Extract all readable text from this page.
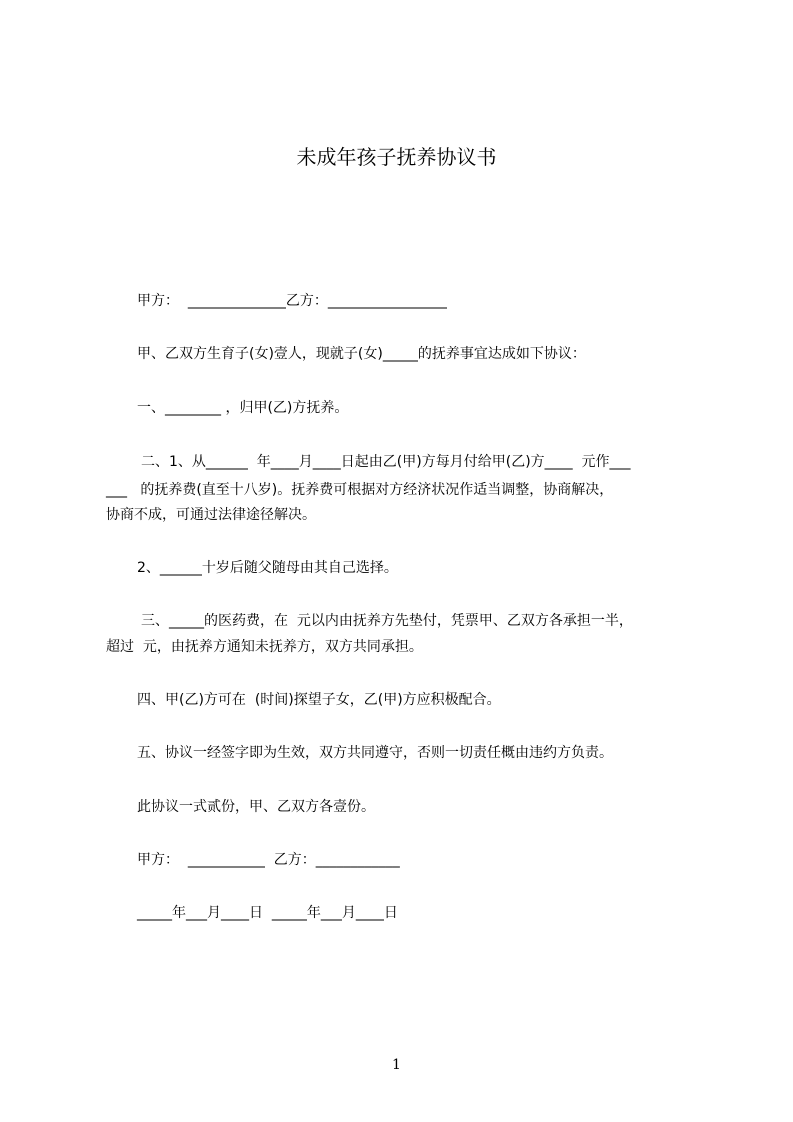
未成年孩子抚养协议书
甲方：  ______________乙方：_________________
甲、乙双方生育子(女)壹人，现就子(女)_____的抚养事宜达成如下协议：
一、________ ，归甲(乙)方抚养。
二、1、从______  年____月____日起由乙(甲)方每月付给甲(乙)方____  元作___
___   的抚养费(直至十八岁)。抚养费可根据对方经济状况作适当调整，协商解决，
协商不成，可通过法律途径解决。
2、______十岁后随父随母由其自己选择。
三、_____的医药费，在  元以内由抚养方先垫付，凭票甲、乙双方各承担一半，
超过  元，由抚养方通知未抚养方，双方共同承担。
四、甲(乙)方可在  (时间)探望子女，乙(甲)方应积极配合。
五、协议一经签字即为生效，双方共同遵守，否则一切责任概由违约方负责。
此协议一式贰份，甲、乙双方各壹份。
甲方：  ___________  乙方：____________
_____年___月____日  _____年___月____日
1
